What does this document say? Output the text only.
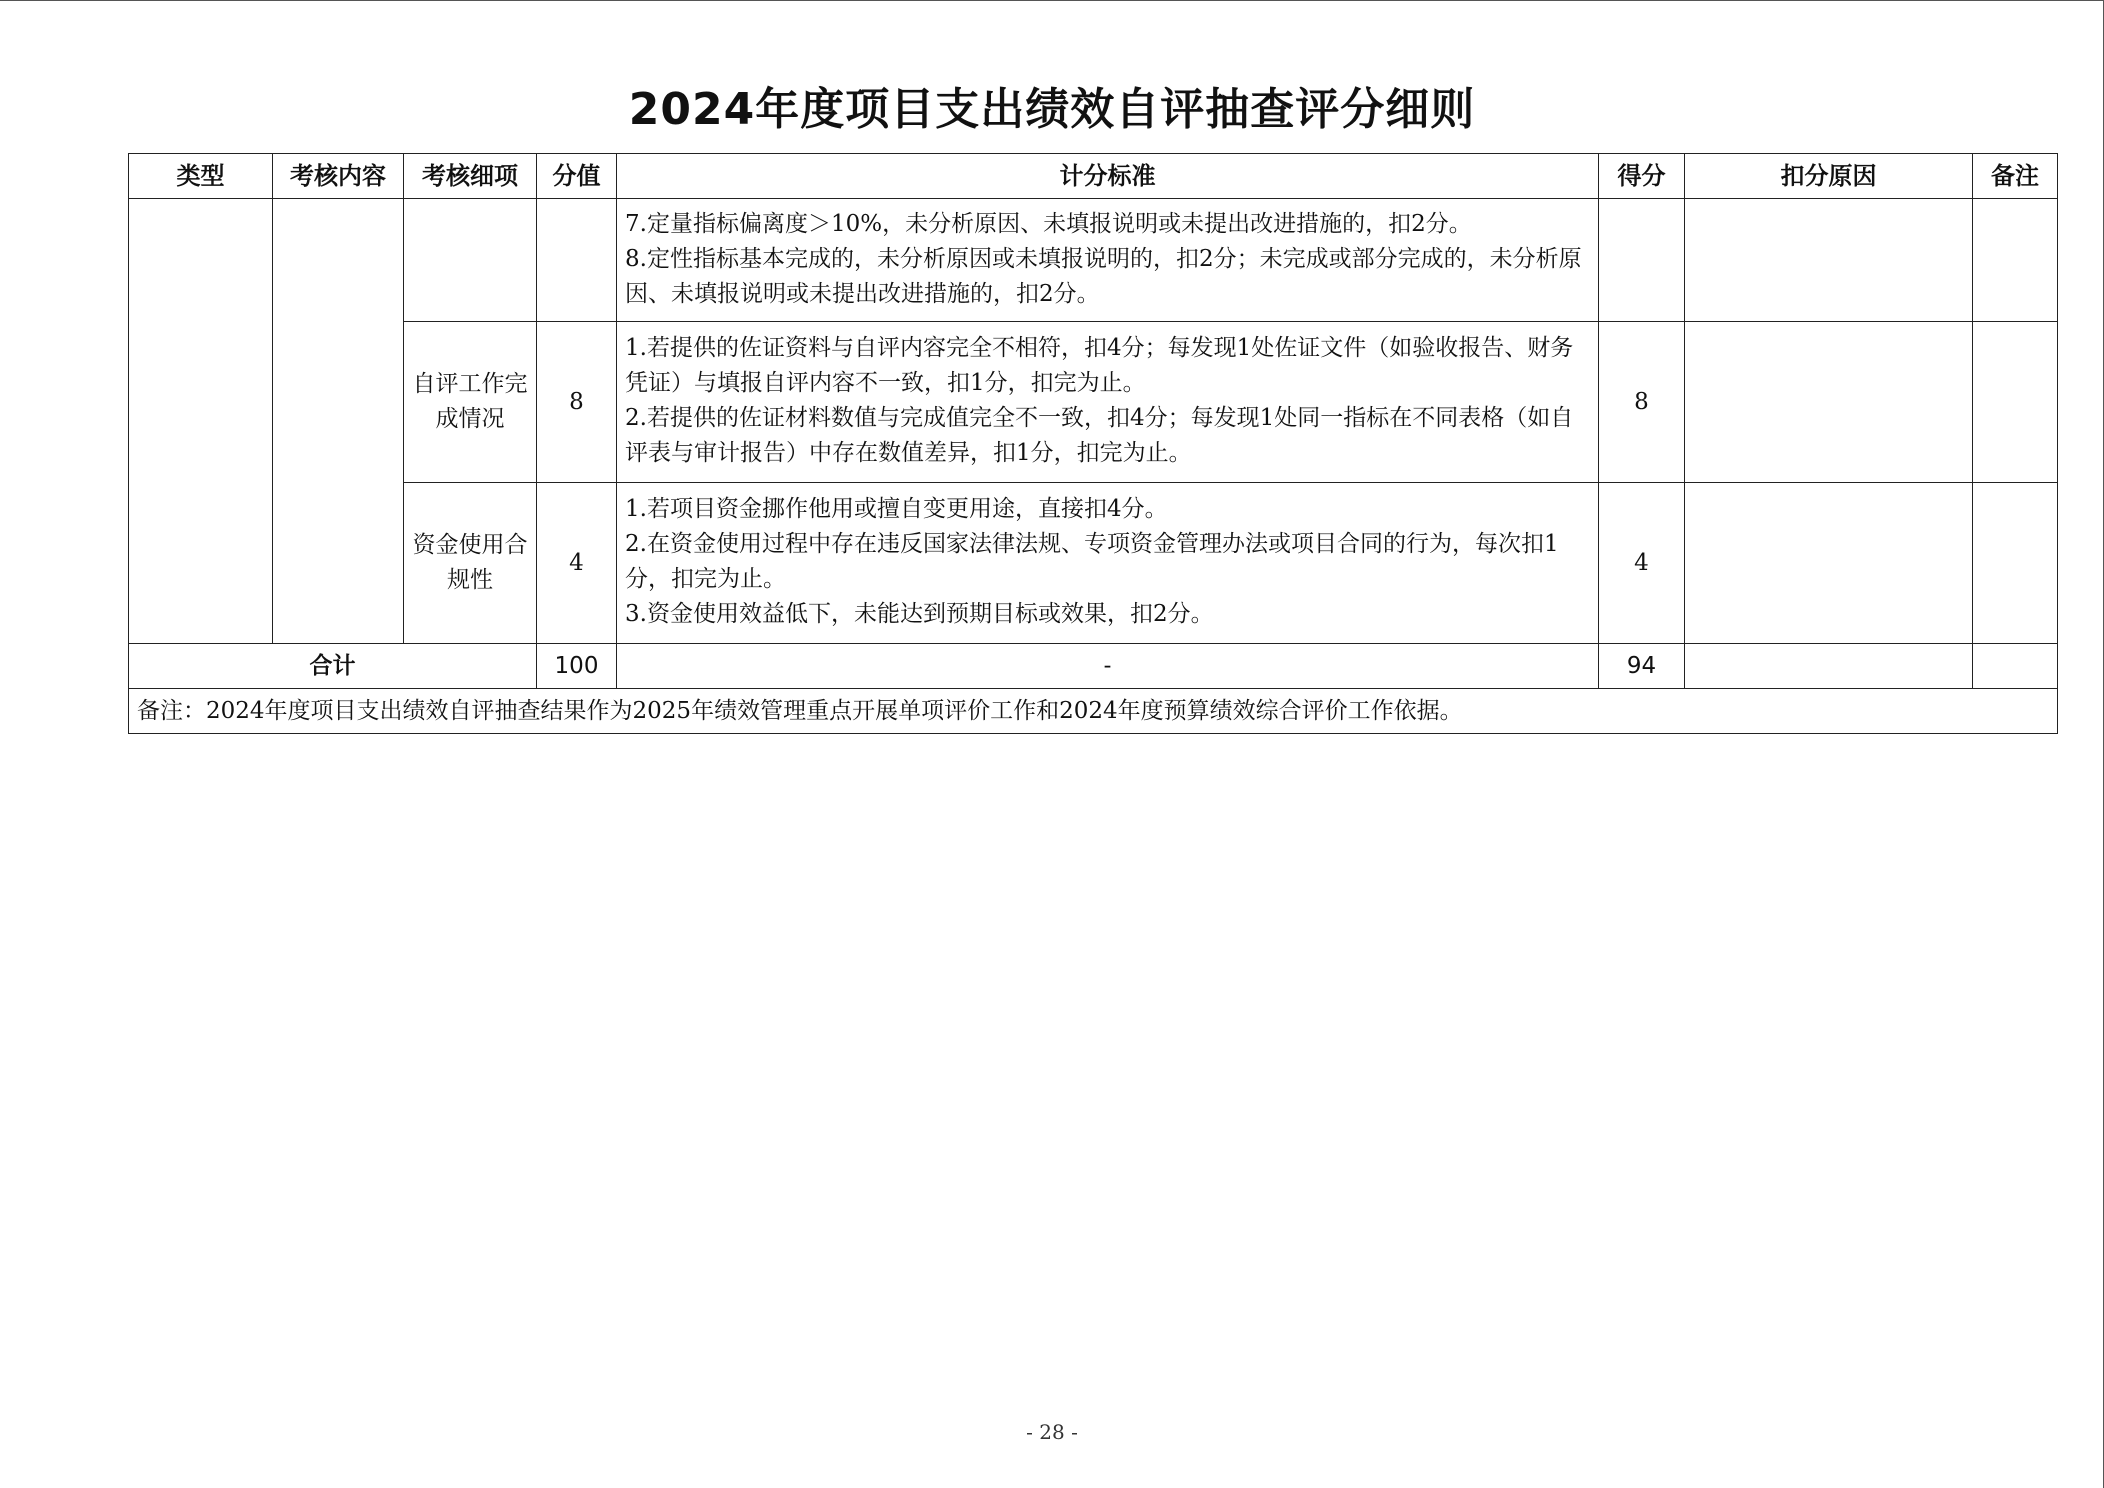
2024年度项目支出绩效自评抽查评分细则
类型	考核内容	考核细项	分值	计分标准	得分	扣分原因	备注

				7.定量指标偏离度＞10%，未分析原因、未填报说明或未提出改进措施的，扣2分。
8.定性指标基本完成的，未分析原因或未填报说明的，扣2分；未完成或部分完成的，未分析原因、未填报说明或未提出改进措施的，扣2分。			

		自评工作完成情况	8	1.若提供的佐证资料与自评内容完全不相符，扣4分；每发现1处佐证文件（如验收报告、财务凭证）与填报自评内容不一致，扣1分，扣完为止。
2.若提供的佐证材料数值与完成值完全不一致，扣4分；每发现1处同一指标在不同表格（如自评表与审计报告）中存在数值差异，扣1分，扣完为止。	8		
		资金使用合规性	4	1.若项目资金挪作他用或擅自变更用途，直接扣4分。
2.在资金使用过程中存在违反国家法律法规、专项资金管理办法或项目合同的行为，每次扣1分，扣完为止。
3.资金使用效益低下，未能达到预期目标或效果，扣2分。	4		
合计			100	-	94		
备注：2024年度项目支出绩效自评抽查结果作为2025年绩效管理重点开展单项评价工作和2024年度预算绩效综合评价工作依据。							
- 28 -
